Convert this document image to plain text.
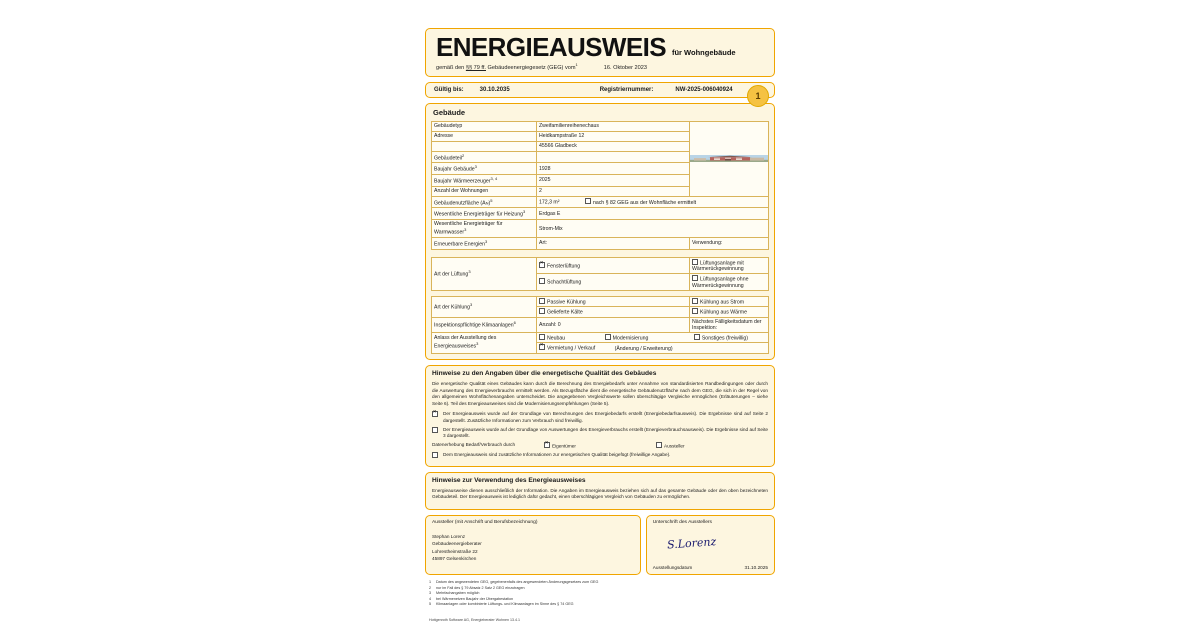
ENERGIEAUSWEIS für Wohngebäude
gemäß den §§ 79 ff. Gebäudeenergiegesetz (GEG) vom$^1$16. Oktober 2023
Gültig bis:	30.10.2035	Registriernummer:	NW-2025-006040924
1
Gebäude
Gebäudetyp	Zweifamilienreihenechaus	

Adresse	Heidkampstraße 12	
	45566 Gladbeck	
Gebäudeteil$^2$	
Baujahr Gebäude$^3$	1928	
Baujahr Wärmeerzeuger$^{3, 4}$	2025	
Anzahl der Wohnungen	2	
Gebäudenutzfläche (AN)$^5$	172,3 m² nach § 82 GEG aus der Wohnfläche ermittelt	
Wesentliche Energieträger für Heizung$^3$	Erdgas E	
Wesentliche Energieträger für Warmwasser$^3$	Strom-Mix	
Erneuerbare Energien$^3$	Art:	Verwendung:

Art der Lüftung$^3$	✕Fensterlüftung	Lüftungsanlage mit Wärmerückgewinnung
	Schachtlüftung	Lüftungsanlage ohne Wärmerückgewinnung

Art der Kühlung$^3$	Passive Kühlung	Kühlung aus Strom
	Gelieferte Kälte	Kühlung aus Wärme
Inspektionspflichtige Klimaanlagen$^6$	Anzahl: 0	Nächstes Fälligkeitsdatum der Inspektion:
Anlass der Ausstellung des
Energieausweises$^3$	Neubau Modernisierung Sonstiges (freiwillig)	
✕Vermietung / Verkauf (Änderung / Erweiterung)
Hinweise zu den Angaben über die energetische Qualität des Gebäudes

Die energetische Qualität eines Gebäudes kann durch die Berechnung des Energiebedarfs unter Annahme von standardisierten Randbedingungen oder durch die Auswertung des Energieverbrauchs ermittelt werden. Als Bezugsfläche dient die energetische Gebäudenutzfläche nach dem GEG, die sich in der Regel von den allgemeinen Wohnflächenangaben unterscheidet. Die angegebenen Vergleichswerte sollen überschlägige Vergleiche ermöglichen (Erläuterungen – siehe Seite 6). Teil des Energieausweises sind die Modernisierungsempfehlungen (Seite 5).

✕
Der Energieausweis wurde auf der Grundlage von Berechnungen des Energiebedarfs erstellt (Energiebedarfsausweis). Die Ergebnisse sind auf Seite 2 dargestellt. Zusätzliche Informationen zum Verbrauch sind freiwillig.
Der Energieausweis wurde auf der Grundlage von Auswertungen des Energieverbrauchs erstellt (Energieverbrauchsausweis). Die Ergebnisse sind auf Seite 3 dargestellt.
Datenerhebung Bedarf/Verbrauch durch ✕	Eigentümer	Aussteller
Dem Energieausweis sind zusätzliche Informationen zur energetischen Qualität beigefügt (freiwillige Angabe).
Hinweise zur Verwendung des Energieausweises

Energieausweise dienen ausschließlich der Information. Die Angaben im Energieausweis beziehen sich auf das gesamte Gebäude oder den oben bezeichneten Gebäudeteil. Der Energieausweis ist lediglich dafür gedacht, einen überschlägigen Vergleich von Gebäuden zu ermöglichen.

Aussteller (mit Anschrift und Berufsbezeichnung)
Stephan Lorenz
Gebäudeenergieberater
Lohrestheimstraße 22
45897 Gelsenkirchen
Unterschrift des Ausstellers
S.Lorenz
Ausstellungsdatum	31.10.2025
1	Datum des angewendeten GEG, gegebenenfalls des angewendeten Änderungsgesetzes zum GEG
2	nur im Fall des § 79 Absatz 2 Satz 2 GEG einzutragen
3	Mehrfachangaben möglich
4	bei Wärmenetzen Baujahr der Übergabestation
5	Klimaanlagen oder kombinierte Lüftungs- und Klimaanlagen im Sinne des § 74 GEG
Hottgenroth Software AG, Energieberater Wohnen 13.4.1
